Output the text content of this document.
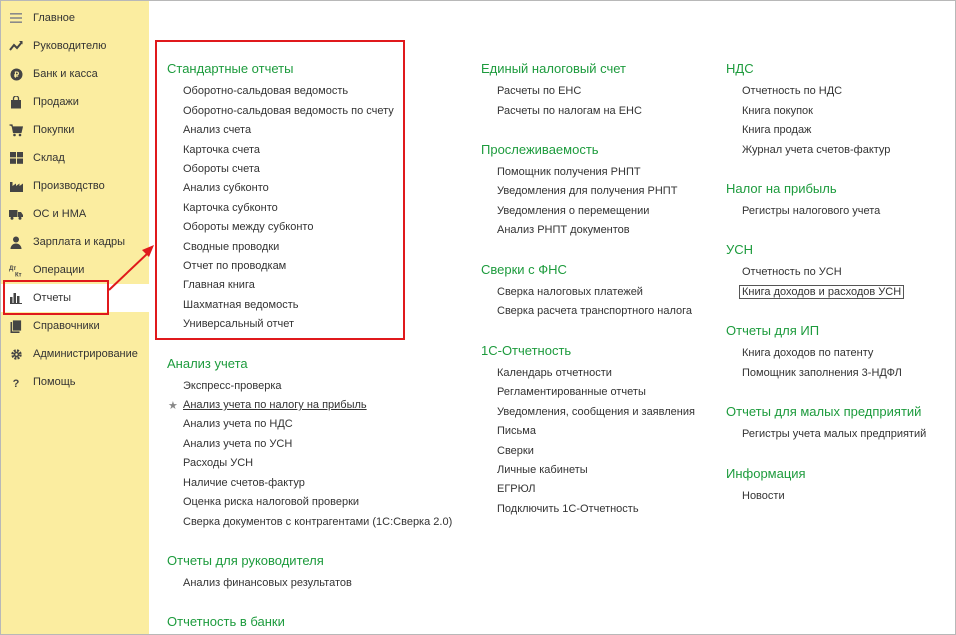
Главное
Руководителю
₽ Банк и касса
Продажи
Покупки
Склад
Производство
ОС и НМА
Зарплата и кадры
Дт
Кт Операции
Отчеты
Справочники
Администрирование
? Помощь
Стандартные отчеты
Оборотно-сальдовая ведомость
Оборотно-сальдовая ведомость по счету
Анализ счета
Карточка счета
Обороты счета
Анализ субконто
Карточка субконто
Обороты между субконто
Сводные проводки
Отчет по проводкам
Главная книга
Шахматная ведомость
Универсальный отчет
Анализ учета
Экспресс-проверка
★ Анализ учета по налогу на прибыль
Анализ учета по НДС
Анализ учета по УСН
Расходы УСН
Наличие счетов-фактур
Оценка риска налоговой проверки
Сверка документов с контрагентами (1С:Сверка 2.0)
Отчеты для руководителя
Анализ финансовых результатов
Отчетность в банки
Единый налоговый счет
Расчеты по ЕНС
Расчеты по налогам на ЕНС
Прослеживаемость
Помощник получения РНПТ
Уведомления для получения РНПТ
Уведомления о перемещении
Анализ РНПТ документов
Сверки с ФНС
Сверка налоговых платежей
Сверка расчета транспортного налога
1С-Отчетность
Календарь отчетности
Регламентированные отчеты
Уведомления, сообщения и заявления
Письма
Сверки
Личные кабинеты
ЕГРЮЛ
Подключить 1С-Отчетность
НДС
Отчетность по НДС
Книга покупок
Книга продаж
Журнал учета счетов-фактур
Налог на прибыль
Регистры налогового учета
УСН
Отчетность по УСН
Книга доходов и расходов УСН
Отчеты для ИП
Книга доходов по патенту
Помощник заполнения 3-НДФЛ
Отчеты для малых предприятий
Регистры учета малых предприятий
Информация
Новости
